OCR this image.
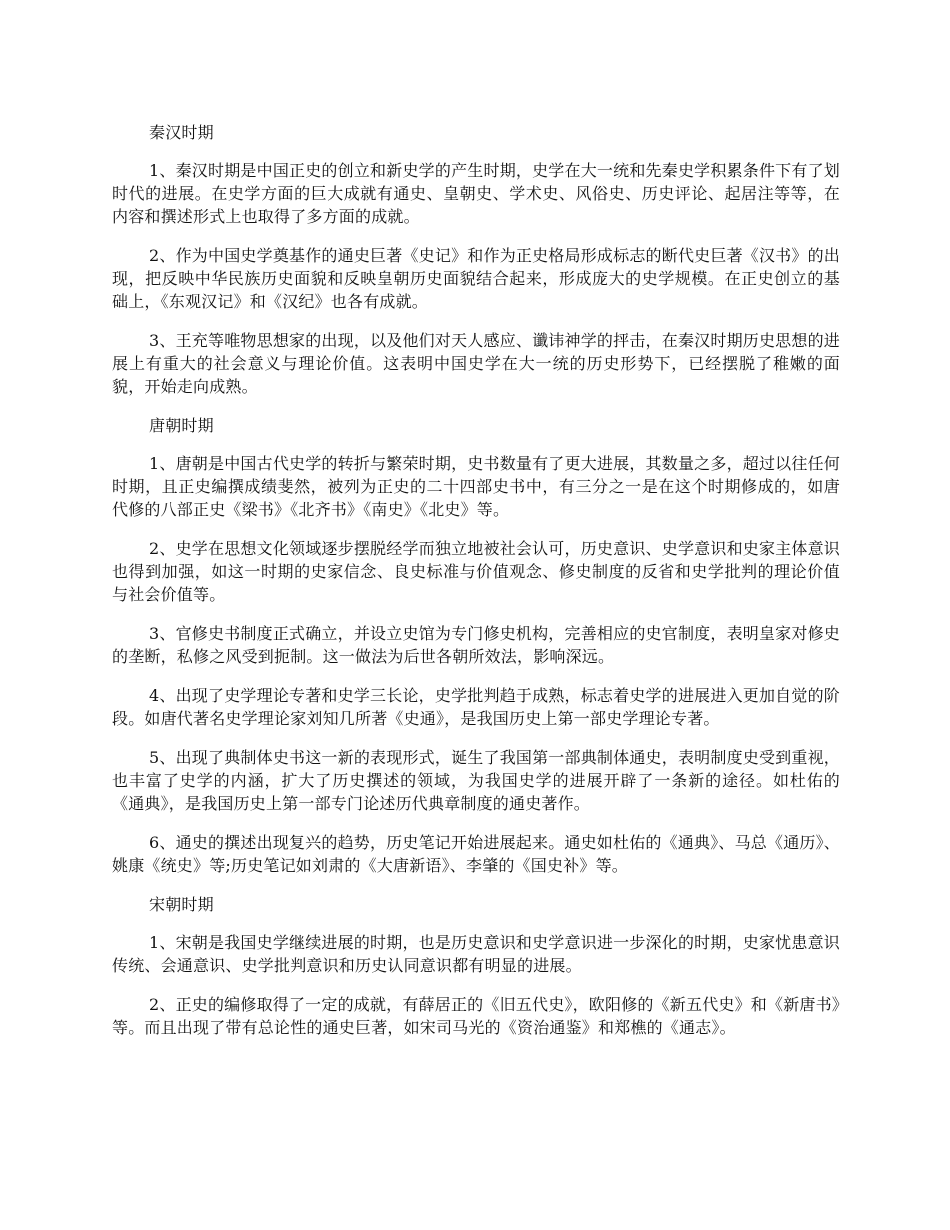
秦汉时期

1、秦汉时期是中国正史的创立和新史学的产生时期，史学在大一统和先秦史学积累条件下有了划时代的进展。在史学方面的巨大成就有通史、皇朝史、学术史、风俗史、历史评论、起居注等等，在内容和撰述形式上也取得了多方面的成就。

2、作为中国史学奠基作的通史巨著《史记》和作为正史格局形成标志的断代史巨著《汉书》的出现，把反映中华民族历史面貌和反映皇朝历史面貌结合起来，形成庞大的史学规模。在正史创立的基础上，《东观汉记》和《汉纪》也各有成就。

3、王充等唯物思想家的出现，以及他们对天人感应、谶讳神学的抨击，在秦汉时期历史思想的进展上有重大的社会意义与理论价值。这表明中国史学在大一统的历史形势下，已经摆脱了稚嫩的面貌，开始走向成熟。

唐朝时期

1、唐朝是中国古代史学的转折与繁荣时期，史书数量有了更大进展，其数量之多，超过以往任何时期，且正史编撰成绩斐然，被列为正史的二十四部史书中，有三分之一是在这个时期修成的，如唐代修的八部正史《梁书》《北齐书》《南史》《北史》等。

2、史学在思想文化领域逐步摆脱经学而独立地被社会认可，历史意识、史学意识和史家主体意识也得到加强，如这一时期的史家信念、良史标准与价值观念、修史制度的反省和史学批判的理论价值与社会价值等。

3、官修史书制度正式确立，并设立史馆为专门修史机构，完善相应的史官制度，表明皇家对修史的垄断，私修之风受到扼制。这一做法为后世各朝所效法，影响深远。

4、出现了史学理论专著和史学三长论，史学批判趋于成熟，标志着史学的进展进入更加自觉的阶段。如唐代著名史学理论家刘知几所著《史通》，是我国历史上第一部史学理论专著。

5、出现了典制体史书这一新的表现形式，诞生了我国第一部典制体通史，表明制度史受到重视，也丰富了史学的内涵，扩大了历史撰述的领域，为我国史学的进展开辟了一条新的途径。如杜佑的《通典》，是我国历史上第一部专门论述历代典章制度的通史著作。

6、通史的撰述出现复兴的趋势，历史笔记开始进展起来。通史如杜佑的《通典》、马总《通历》、姚康《统史》等;历史笔记如刘肃的《大唐新语》、李肇的《国史补》等。

宋朝时期

1、宋朝是我国史学继续进展的时期，也是历史意识和史学意识进一步深化的时期，史家忧患意识传统、会通意识、史学批判意识和历史认同意识都有明显的进展。

2、正史的编修取得了一定的成就，有薛居正的《旧五代史》，欧阳修的《新五代史》和《新唐书》等。而且出现了带有总论性的通史巨著，如宋司马光的《资治通鉴》和郑樵的《通志》。
